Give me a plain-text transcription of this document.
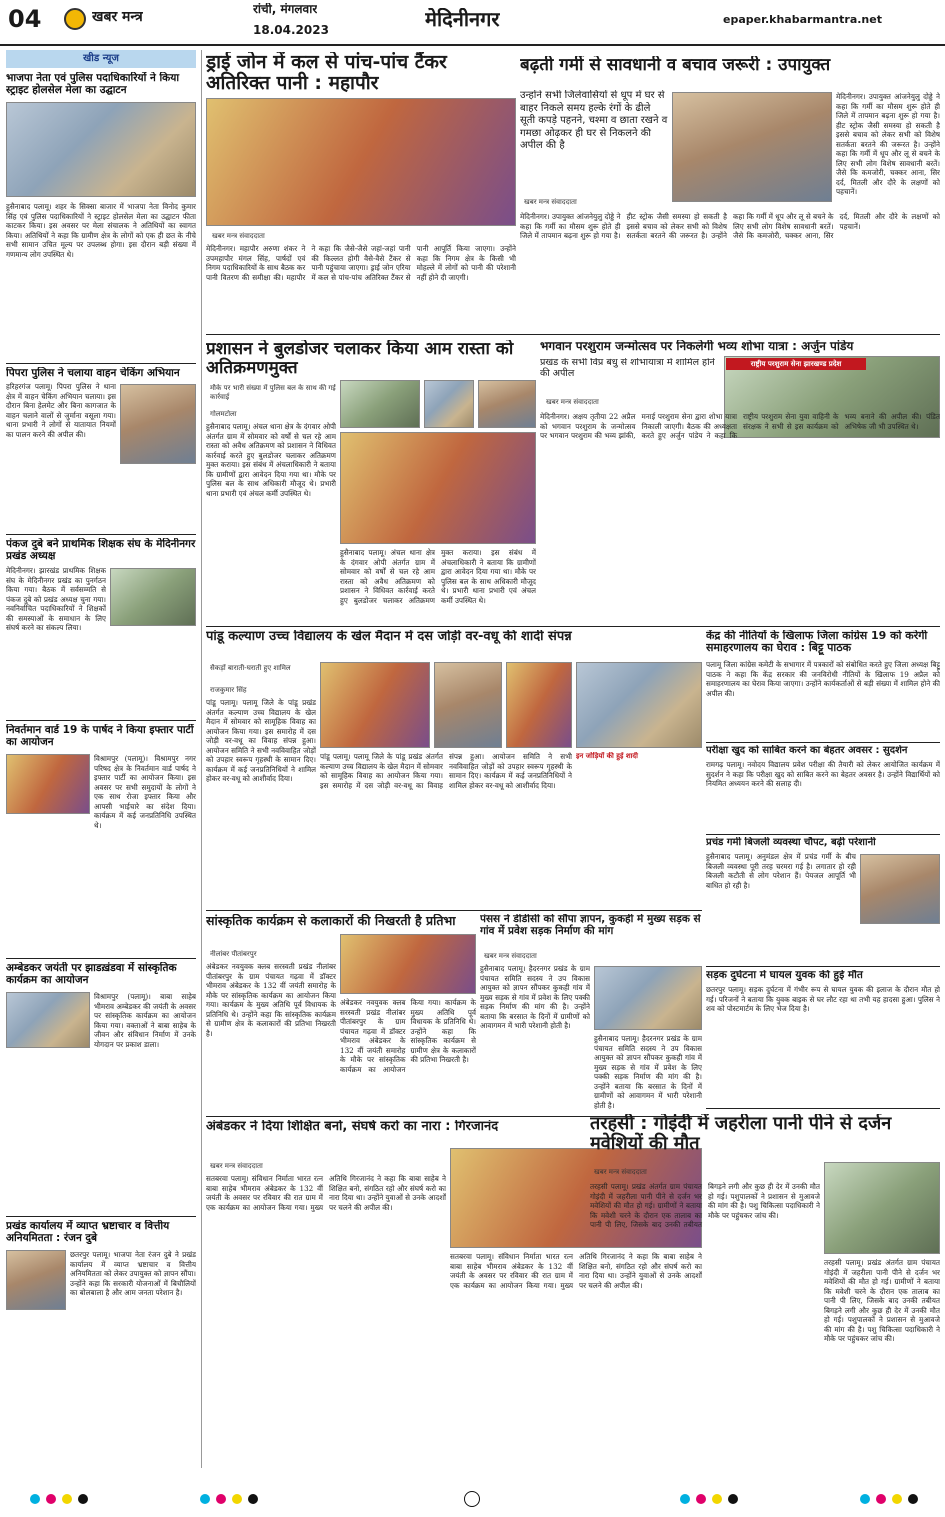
04	खबर मन्त्र	रांची, मंगलवार
18.04.2023	मेदिनीनगर	epaper.khabarmantra.net
खीड न्यूज
भाजपा नेता एवं पुलिस पदाधिकारियों ने किया स्ट्राइट होलसेल मेला का उद्घाटन
हुसैनाबाद पलामू। शहर के सिक्सा बाजार में भाजपा नेता विनोद कुमार सिंह एवं पुलिस पदाधिकारियों ने स्ट्राइट होलसेल मेला का उद्घाटन फीता काटकर किया। इस अवसर पर मेला संचालक ने अतिथियों का स्वागत किया। अतिथियों ने कहा कि ग्रामीण क्षेत्र के लोगों को एक ही छत के नीचे सभी सामान उचित मूल्य पर उपलब्ध होगा। इस दौरान बड़ी संख्या में गणमान्य लोग उपस्थित थे।
पिपरा पुलिस ने चलाया वाहन चेकिंग अभियान
हरिहरगंज पलामू। पिपरा पुलिस ने थाना क्षेत्र में वाहन चेकिंग अभियान चलाया। इस दौरान बिना हेलमेट और बिना कागजात के वाहन चलाने वालों से जुर्माना वसूला गया। थाना प्रभारी ने लोगों से यातायात नियमों का पालन करने की अपील की।
पंकज दुबे बने प्राथमिक शिक्षक संघ के मेदिनीनगर प्रखंड अध्यक्ष
मेदिनीनगर। झारखंड प्राथमिक शिक्षक संघ के मेदिनीनगर प्रखंड का पुनर्गठन किया गया। बैठक में सर्वसम्मति से पंकज दुबे को प्रखंड अध्यक्ष चुना गया। नवनिर्वाचित पदाधिकारियों ने शिक्षकों की समस्याओं के समाधान के लिए संघर्ष करने का संकल्प लिया।
निवर्तमान वार्ड 19 के पार्षद ने किया इफ्तार पार्टी का आयोजन
विश्रामपुर (पलामू)। विश्रामपुर नगर परिषद क्षेत्र के निवर्तमान वार्ड पार्षद ने इफ्तार पार्टी का आयोजन किया। इस अवसर पर सभी समुदायों के लोगों ने एक साथ रोजा इफ्तार किया और आपसी भाईचारे का संदेश दिया। कार्यक्रम में कई जनप्रतिनिधि उपस्थित थे।
अम्बेडकर जयंती पर झाडख़ंडवा में सांस्कृतिक कार्यक्रम का आयोजन
विश्रामपुर (पलामू)। बाबा साहेब भीमराव अम्बेडकर की जयंती के अवसर पर सांस्कृतिक कार्यक्रम का आयोजन किया गया। वक्ताओं ने बाबा साहेब के जीवन और संविधान निर्माण में उनके योगदान पर प्रकाश डाला।
प्रखंड कार्यालय में व्याप्त भ्रष्टाचार व वित्तीय अनियमितता : रंजन दुबे
छतरपुर पलामू। भाजपा नेता रंजन दुबे ने प्रखंड कार्यालय में व्याप्त भ्रष्टाचार व वित्तीय अनियमितता को लेकर उपायुक्त को ज्ञापन सौंपा। उन्होंने कहा कि सरकारी योजनाओं में बिचौलियों का बोलबाला है और आम जनता परेशान है।
ड्राई जोन में कल से पांच-पांच टैंकर अतिरिक्त पानी : महापौर
खबर मन्त्र संवाददाता
मेदिनीनगर। महापौर अरुणा शंकर ने उपमहापौर मंगल सिंह, पार्षदों एवं निगम पदाधिकारियों के साथ बैठक कर पानी वितरण की समीक्षा की। महापौर ने कहा कि जैसे-जैसे जहां-जहां पानी की किल्लत होगी वैसे-वैसे टैंकर से पानी पहुंचाया जाएगा। ड्राई जोन एरिया में कल से पांच-पांच अतिरिक्त टैंकर से पानी आपूर्ति किया जाएगा। उन्होंने कहा कि निगम क्षेत्र के किसी भी मोहल्ले में लोगों को पानी की परेशानी नहीं होने दी जाएगी।
बढ़ती गर्मी से सावधानी व बचाव जरूरी : उपायुक्त
उन्होंने सभी जिलेवासियों से धूप में घर से बाहर निकले समय हल्के रंगों के ढीले सूती कपड़े पहनने, चश्मा व छाता रखने व गमछा ओढ़कर ही घर से निकलने की अपील की है
खबर मन्त्र संवाददाता
मेदिनीनगर। उपायुक्त आंजनेयुलु दोड्डे ने कहा कि गर्मी का मौसम शुरू होते ही जिले में तापमान बढ़ना शुरू हो गया है। हीट स्ट्रोक जैसी समस्या हो सकती है इससे बचाव को लेकर सभी को विशेष सतर्कता बरतने की जरूरत है। उन्होंने कहा कि गर्मी में धूप और लू से बचने के लिए सभी लोग विशेष सावधानी बरतें। जैसे कि कमजोरी, चक्कर आना, सिर दर्द, मितली और दौरे के लक्षणों को पहचानें।
मेदिनीनगर। उपायुक्त आंजनेयुलु दोड्डे ने कहा कि गर्मी का मौसम शुरू होते ही जिले में तापमान बढ़ना शुरू हो गया है। हीट स्ट्रोक जैसी समस्या हो सकती है इससे बचाव को लेकर सभी को विशेष सतर्कता बरतने की जरूरत है। उन्होंने कहा कि गर्मी में धूप और लू से बचने के लिए सभी लोग विशेष सावधानी बरतें। जैसे कि कमजोरी, चक्कर आना, सिर दर्द, मितली और दौरे के लक्षणों को पहचानें।
प्रशासन ने बुलडोजर चलाकर किया आम रास्ता को अतिक्रमणमुक्त
मौके पर भारी संख्या में पुलिस बल के साथ की गई कार्रवाई
गोलमटोला
हुसैनाबाद पलामू। अंचल थाना क्षेत्र के दंगवार ओपी अंतर्गत ग्राम में सोमवार को वर्षों से चल रहे आम रास्ता को अवैध अतिक्रमण को प्रशासन ने विधिवत कार्रवाई करते हुए बुलडोजर चलाकर अतिक्रमण मुक्त कराया। इस संबंध में अंचलाधिकारी ने बताया कि ग्रामीणों द्वारा आवेदन दिया गया था। मौके पर पुलिस बल के साथ अधिकारी मौजूद थे। प्रभारी थाना प्रभारी एवं अंचल कर्मी उपस्थित थे।
हुसैनाबाद पलामू। अंचल थाना क्षेत्र के दंगवार ओपी अंतर्गत ग्राम में सोमवार को वर्षों से चल रहे आम रास्ता को अवैध अतिक्रमण को प्रशासन ने विधिवत कार्रवाई करते हुए बुलडोजर चलाकर अतिक्रमण मुक्त कराया। इस संबंध में अंचलाधिकारी ने बताया कि ग्रामीणों द्वारा आवेदन दिया गया था। मौके पर पुलिस बल के साथ अधिकारी मौजूद थे। प्रभारी थाना प्रभारी एवं अंचल कर्मी उपस्थित थे।
भगवान परशुराम जन्मोत्सव पर निकलेगी भव्य शोभा यात्रा : अर्जुन पांडेय
प्रखंड के सभी विप्र बंधु से शोभायात्रा में शामिल होने की अपील
खबर मन्त्र संवाददाता
राष्ट्रीय परशुराम सेना झारखण्ड प्रदेश
मेदिनीनगर। अक्षय तृतीया 22 अप्रैल को भगवान परशुराम के जन्मोत्सव पर भगवान परशुराम की भव्य झांकी, मनाई परशुराम सेना द्वारा शोभा यात्रा निकाली जाएगी। बैठक की अध्यक्षता करते हुए अर्जुन पांडेय ने कहा कि राष्ट्रीय परशुराम सेना युवा वाहिनी के संरक्षक ने सभी से इस कार्यक्रम को भव्य बनाने की अपील की। पंडित अभिषेक जी भी उपस्थित थे।
पांडू कल्याण उच्च विद्यालय के खेल मैदान में दस जोड़ी वर-वधू की शादी संपन्न
सैकड़ों बाराती-घराती हुए शामिल
राजकुमार सिंह
पांडू पलामू। पलामू जिले के पांडू प्रखंड अंतर्गत कल्याण उच्च विद्यालय के खेल मैदान में सोमवार को सामूहिक विवाह का आयोजन किया गया। इस समारोह में दस जोड़ी वर-वधू का विवाह संपन्न हुआ। आयोजन समिति ने सभी नवविवाहित जोड़ों को उपहार स्वरूप गृहस्थी के सामान दिए। कार्यक्रम में कई जनप्रतिनिधियों ने शामिल होकर वर-वधू को आशीर्वाद दिया।
पांडू पलामू। पलामू जिले के पांडू प्रखंड अंतर्गत कल्याण उच्च विद्यालय के खेल मैदान में सोमवार को सामूहिक विवाह का आयोजन किया गया। इस समारोह में दस जोड़ी वर-वधू का विवाह संपन्न हुआ। आयोजन समिति ने सभी नवविवाहित जोड़ों को उपहार स्वरूप गृहस्थी के सामान दिए। कार्यक्रम में कई जनप्रतिनिधियों ने शामिल होकर वर-वधू को आशीर्वाद दिया।
इन जोड़ियों की हुई शादी
केंद्र की नीतियों के खिलाफ जिला कांग्रेस 19 को करेगी समाहरणालय का घेराव : बिट्टू पाठक
पलामू जिला कांग्रेस कमेटी के सभागार में पत्रकारों को संबोधित करते हुए जिला अध्यक्ष बिट्टू पाठक ने कहा कि केंद्र सरकार की जनविरोधी नीतियों के खिलाफ 19 अप्रैल को समाहरणालय का घेराव किया जाएगा। उन्होंने कार्यकर्ताओं से बड़ी संख्या में शामिल होने की अपील की।
परीक्षा खुद को साबित करने का बेहतर अवसर : सुदर्शन
रामगढ़ पलामू। नवोदय विद्यालय प्रवेश परीक्षा की तैयारी को लेकर आयोजित कार्यक्रम में सुदर्शन ने कहा कि परीक्षा खुद को साबित करने का बेहतर अवसर है। उन्होंने विद्यार्थियों को नियमित अध्ययन करने की सलाह दी।
प्रचंड गर्मी बिजली व्यवस्था चौपट, बढ़ी परेशानी
हुसैनाबाद पलामू। अनुमंडल क्षेत्र में प्रचंड गर्मी के बीच बिजली व्यवस्था पूरी तरह चरमरा गई है। लगातार हो रही बिजली कटौती से लोग परेशान हैं। पेयजल आपूर्ति भी बाधित हो रही है।
सड़क दुर्घटना में घायल युवक की हुई मौत
छतरपुर पलामू। सड़क दुर्घटना में गंभीर रूप से घायल युवक की इलाज के दौरान मौत हो गई। परिजनों ने बताया कि युवक बाइक से घर लौट रहा था तभी यह हादसा हुआ। पुलिस ने शव को पोस्टमार्टम के लिए भेज दिया है।
सांस्कृतिक कार्यक्रम से कलाकारों की निखरती है प्रतिभा
नीलांबर पीतांबरपुर
अंबेडकर नवयुवक क्लब सरस्वती प्रखंड नीलांबर पीतांबरपुर के ग्राम पंचायत गढ़वा में डॉक्टर भीमराव अंबेडकर के 132 वीं जयंती समारोह के मौके पर सांस्कृतिक कार्यक्रम का आयोजन किया गया। कार्यक्रम के मुख्य अतिथि पूर्व विधायक के प्रतिनिधि थे। उन्होंने कहा कि सांस्कृतिक कार्यक्रम से ग्रामीण क्षेत्र के कलाकारों की प्रतिभा निखरती है।
अंबेडकर नवयुवक क्लब सरस्वती प्रखंड नीलांबर पीतांबरपुर के ग्राम पंचायत गढ़वा में डॉक्टर भीमराव अंबेडकर के 132 वीं जयंती समारोह के मौके पर सांस्कृतिक कार्यक्रम का आयोजन किया गया। कार्यक्रम के मुख्य अतिथि पूर्व विधायक के प्रतिनिधि थे। उन्होंने कहा कि सांस्कृतिक कार्यक्रम से ग्रामीण क्षेत्र के कलाकारों की प्रतिभा निखरती है।
पंसस ने डीडीसी को सौंपा ज्ञापन, कुकही में मुख्य सड़क से गांव में प्रवेश सड़क निर्माण की मांग
खबर मन्त्र संवाददाता
हुसैनाबाद पलामू। हैदरनगर प्रखंड के ग्राम पंचायत समिति सदस्य ने उप विकास आयुक्त को ज्ञापन सौंपकर कुकही गांव में मुख्य सड़क से गांव में प्रवेश के लिए पक्की सड़क निर्माण की मांग की है। उन्होंने बताया कि बरसात के दिनों में ग्रामीणों को आवागमन में भारी परेशानी होती है।
हुसैनाबाद पलामू। हैदरनगर प्रखंड के ग्राम पंचायत समिति सदस्य ने उप विकास आयुक्त को ज्ञापन सौंपकर कुकही गांव में मुख्य सड़क से गांव में प्रवेश के लिए पक्की सड़क निर्माण की मांग की है। उन्होंने बताया कि बरसात के दिनों में ग्रामीणों को आवागमन में भारी परेशानी होती है।
अंबेडकर ने दिया शिक्षित बनो, संघर्ष करो का नारा : गिरजानंद
खबर मन्त्र संवाददाता
सतबरवा पलामू। संविधान निर्माता भारत रत्न बाबा साहेब भीमराव अंबेडकर के 132 वीं जयंती के अवसर पर रविवार की रात ग्राम में एक कार्यक्रम का आयोजन किया गया। मुख्य अतिथि गिरजानंद ने कहा कि बाबा साहेब ने शिक्षित बनो, संगठित रहो और संघर्ष करो का नारा दिया था। उन्होंने युवाओं से उनके आदर्शों पर चलने की अपील की।
सतबरवा पलामू। संविधान निर्माता भारत रत्न बाबा साहेब भीमराव अंबेडकर के 132 वीं जयंती के अवसर पर रविवार की रात ग्राम में एक कार्यक्रम का आयोजन किया गया। मुख्य अतिथि गिरजानंद ने कहा कि बाबा साहेब ने शिक्षित बनो, संगठित रहो और संघर्ष करो का नारा दिया था। उन्होंने युवाओं से उनके आदर्शों पर चलने की अपील की।
तरहसी : गोइंदी में जहरीला पानी पीने से दर्जन मवेशियों की मौत
खबर मन्त्र संवाददाता
तरहसी पलामू। प्रखंड अंतर्गत ग्राम पंचायत गोइंदी में जहरीला पानी पीने से दर्जन भर मवेशियों की मौत हो गई। ग्रामीणों ने बताया कि मवेशी चरने के दौरान एक तालाब का पानी पी लिए, जिसके बाद उनकी तबीयत बिगड़ने लगी और कुछ ही देर में उनकी मौत हो गई। पशुपालकों ने प्रशासन से मुआवजे की मांग की है। पशु चिकित्सा पदाधिकारी ने मौके पर पहुंचकर जांच की।
तरहसी पलामू। प्रखंड अंतर्गत ग्राम पंचायत गोइंदी में जहरीला पानी पीने से दर्जन भर मवेशियों की मौत हो गई। ग्रामीणों ने बताया कि मवेशी चरने के दौरान एक तालाब का पानी पी लिए, जिसके बाद उनकी तबीयत बिगड़ने लगी और कुछ ही देर में उनकी मौत हो गई। पशुपालकों ने प्रशासन से मुआवजे की मांग की है। पशु चिकित्सा पदाधिकारी ने मौके पर पहुंचकर जांच की।
